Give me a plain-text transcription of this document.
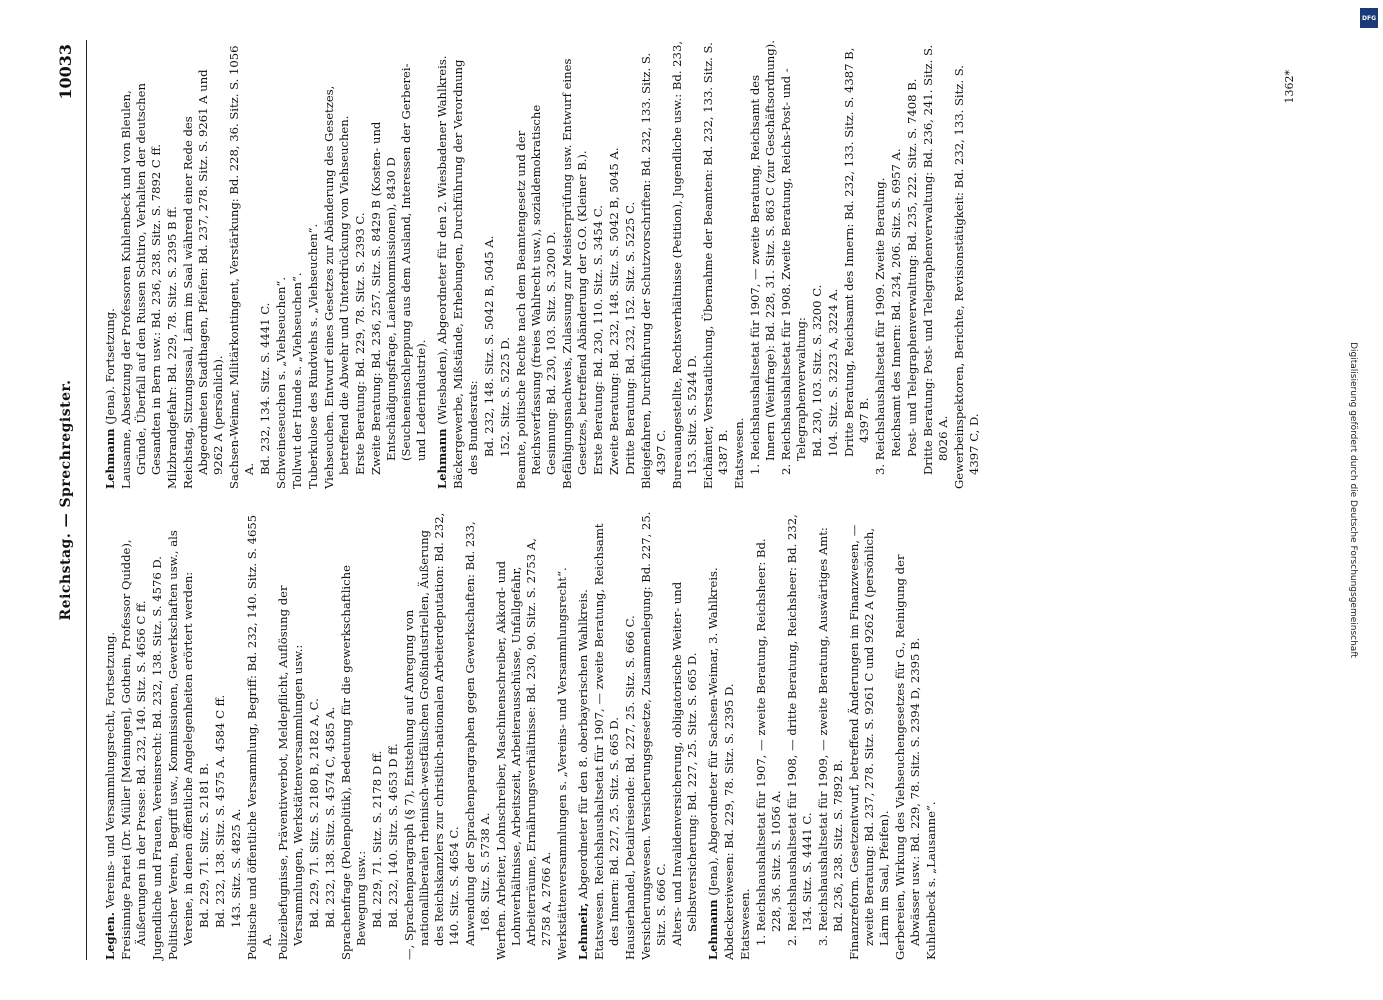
Reichstag. — Sprechregister.
10033

Legien. Vereins- und Versammlungsrecht, Fortsetzung. Freisinnige Partei (Dr. Müller [Meiningen], Gothein, Professor Quidde), Äußerungen in der Presse: Bd. 232, 140. Sitz. S. 4656 C ff. Jugendliche und Frauen, Vereinsrecht: Bd. 232, 138. Sitz. S. 4576 D. Politischer Verein, Begriff usw., Kommissionen, Gewerkschaften usw., als Vereine, in denen öffentliche Angelegenheiten erörtert werden: Bd. 229, 71. Sitz. S. 2181 B. Bd. 232, 138. Sitz. S. 4575 A. 4584 C ff. 143. Sitz. S. 4825 A. Politische und öffentliche Versammlung, Begriff: Bd. 232, 140. Sitz. S. 4655 A. Polizeibefugnisse, Präventivverbot, Meldepflicht, Auflösung der Versammlungen, Werkstättenversammlungen usw.: Bd. 229, 71. Sitz. S. 2180 B, 2182 A, C. Bd. 232, 138. Sitz. S. 4574 C, 4585 A. Sprachenfrage (Polenpolitik), Bedeutung für die gewerkschaftliche Bewegung usw.: Bd. 229, 71. Sitz. S. 2178 D ff. Bd. 232, 140. Sitz. S. 4653 D ff. —, Sprachenparagraph (§ 7), Entstehung auf Anregung von nationalliberalen rheinisch-westfälischen Großindustriellen, Äußerung des Reichskanzlers zur christlich-nationalen Arbeiterdeputation: Bd. 232, 140. Sitz. S. 4654 C. Anwendung der Sprachenparagraphen gegen Gewerkschaften: Bd. 233, 168. Sitz. S. 5738 A. Werften. Arbeiter, Lohnschreiber, Maschinenschreiber, Akkord- und Lohnverhältnisse, Arbeitszeit, Arbeiterausschüsse, Unfallgefahr, Arbeiterräume, Ernährungsverhältnisse: Bd. 230, 90. Sitz. S. 2753 A, 2758 A, 2766 A. Werkstättenversammlungen s. „Vereins- und Versammlungsrecht“. Lehmeir, Abgeordneter für den 8. oberbayerischen Wahlkreis. Etatswesen. Reichshaushaltsetat für 1907, — zweite Beratung, Reichsamt des Innern: Bd. 227, 25. Sitz. S. 665 D. Hausierhandel, Detailreisende: Bd. 227, 25. Sitz. S. 666 C. Versicherungswesen. Versicherungsgesetze, Zusammenlegung: Bd. 227, 25. Sitz. S. 666 C. Alters- und Invalidenversicherung, obligatorische Weiter- und Selbstversicherung: Bd. 227, 25. Sitz. S. 665 D. Lehmann (Jena), Abgeordneter für Sachsen-Weimar, 3. Wahlkreis. Abdeckereiwesen: Bd. 229, 78. Sitz. S. 2395 D. Etatswesen. 1. Reichshaushaltsetat für 1907, — zweite Beratung, Reichsheer: Bd. 228, 36. Sitz. S. 1056 A. 2. Reichshaushaltsetat für 1908, — dritte Beratung, Reichsheer: Bd. 232, 134. Sitz. S. 4441 C. 3. Reichshaushaltsetat für 1909, — zweite Beratung, Auswärtiges Amt: Bd. 236, 238. Sitz. S. 7892 B. Finanzreform. Gesetzentwurf, betreffend Änderungen im Finanzwesen, — zweite Beratung: Bd. 237, 278. Sitz. S. 9261 C und 9262 A (persönlich, Lärm im Saal, Pfeifen). Gerbereien, Wirkung des Viehseuchengesetzes für G., Reinigung der Abwässer usw.: Bd. 229, 78. Sitz. S. 2394 D, 2395 B. Kuhlenbeck s. „Lausanne“.

Lehmann (Jena). Fortsetzung. Lausanne, Absetzung der Professoren Kuhlenbeck und von Bleulen, Gründe, Überfall auf den Russen Schtiro, Verhalten der deutschen Gesandten in Bern usw.: Bd. 236, 238. Sitz. S. 7892 C ff. Milzbrandgefahr: Bd. 229, 78. Sitz. S. 2395 B ff. Reichstag, Sitzungssaal, Lärm im Saal während einer Rede des Abgeordneten Stadthagen, Pfeifen: Bd. 237, 278. Sitz. S. 9261 A und 9262 A (persönlich). Sachsen-Weimar, Militärkontingent, Verstärkung: Bd. 228, 36. Sitz. S. 1056 A. Bd. 232, 134. Sitz. S. 4441 C. Schweineseuchen s. „Viehseuchen“. Tollwut der Hunde s. „Viehseuchen“. Tuberkulose des Rindviehs s. „Viehseuchen“. Viehseuchen. Entwurf eines Gesetzes zur Abänderung des Gesetzes, betreffend die Abwehr und Unterdrückung von Viehseuchen. Erste Beratung: Bd. 229, 78. Sitz. S. 2393 C. Zweite Beratung: Bd. 236, 257. Sitz. S. 8429 B (Kosten- und Entschädigungsfrage, Laienkommissionen), 8430 D (Seucheneinschleppung aus dem Ausland, Interessen der Gerberei- und Lederindustrie). Lehmann (Wiesbaden), Abgeordneter für den 2. Wiesbadener Wahlkreis. Bäckergewerbe, Mißstände, Erhebungen, Durchführung der Verordnung des Bundesrats: Bd. 232, 148. Sitz. S. 5042 B, 5045 A. 152. Sitz. S. 5225 D. Beamte, politische Rechte nach dem Beamtengesetz und der Reichsverfassung (freies Wahlrecht usw.), sozialdemokratische Gesinnung: Bd. 230, 103. Sitz. S. 3200 D. Befähigungsnachweis, Zulassung zur Meisterprüfung usw. Entwurf eines Gesetzes, betreffend Abänderung der G.O. (Kleiner B.). Erste Beratung: Bd. 230, 110. Sitz. S. 3454 C. Zweite Beratung: Bd. 232, 148. Sitz. S. 5042 B, 5045 A. Dritte Beratung: Bd. 232, 152. Sitz. S. 5225 C. Bleigefahren, Durchführung der Schutzvorschriften: Bd. 232, 133. Sitz. S. 4397 C. Bureauangestellte, Rechtsverhältnisse (Petition), Jugendliche usw.: Bd. 233, 153. Sitz. S. 5244 D. Eichämter, Verstaatlichung, Übernahme der Beamten: Bd. 232, 133. Sitz. S. 4387 B. Etatswesen. 1. Reichshaushaltsetat für 1907, — zweite Beratung, Reichsamt des Innern (Weinfrage): Bd. 228, 31. Sitz. S. 863 C (zur Geschäftsordnung). 2. Reichshaushaltsetat für 1908. Zweite Beratung, Reichs-Post- und -Telegraphenverwaltung: Bd. 230, 103. Sitz. S. 3200 C. 104. Sitz. S. 3223 A, 3224 A. Dritte Beratung, Reichsamt des Innern: Bd. 232, 133. Sitz. S. 4387 B, 4397 B. 3. Reichshaushaltsetat für 1909. Zweite Beratung. Reichsamt des Innern: Bd. 234, 206. Sitz. S. 6957 A. Post- und Telegraphenverwaltung: Bd. 235, 222. Sitz. S. 7408 B. Dritte Beratung: Post- und Telegraphenverwaltung: Bd. 236, 241. Sitz. S. 8026 A. Gewerbeinspektoren, Berichte, Revisionstätigkeit: Bd. 232, 133. Sitz. S. 4397 C, D.

1362*
DFG
Digitalisierung gefördert durch die Deutsche Forschungsgemeinschaft
